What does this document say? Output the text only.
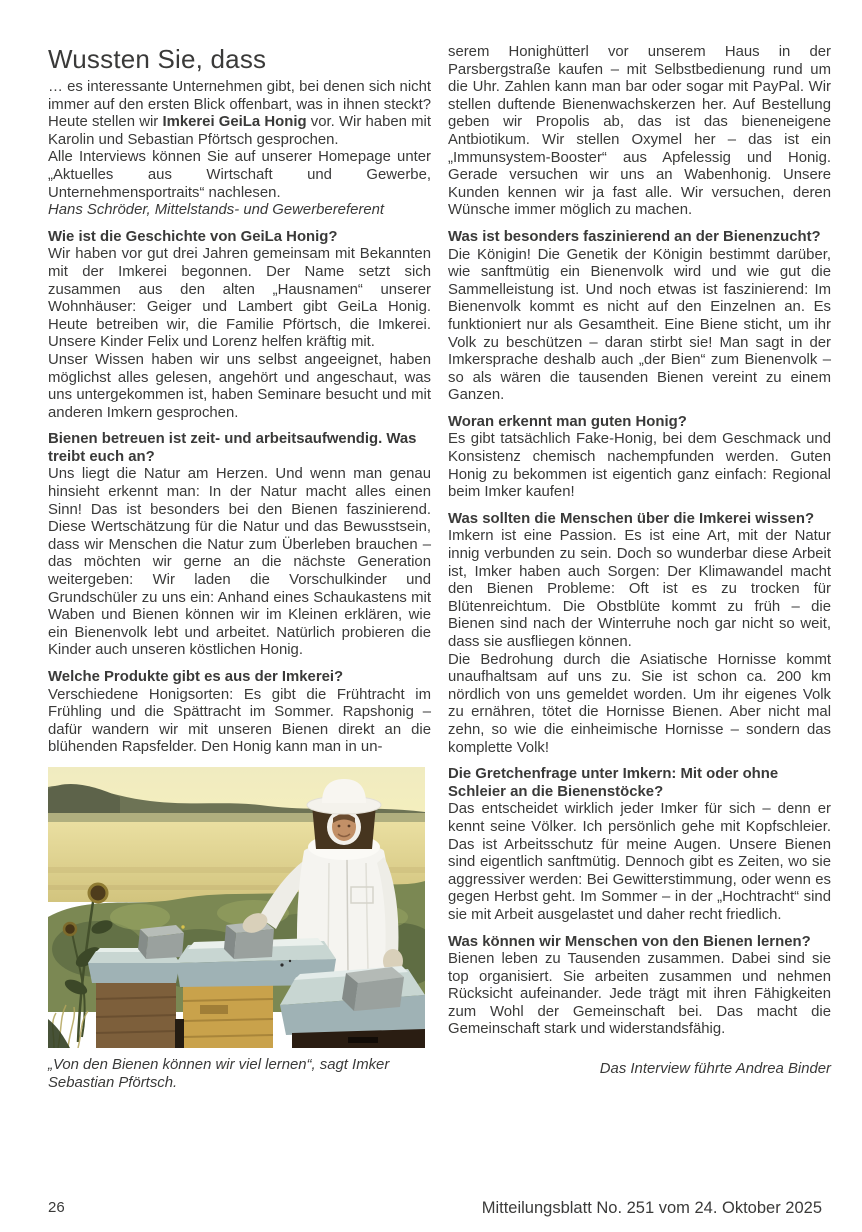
Wussten Sie, dass

… es interessante Unternehmen gibt, bei denen sich nicht immer auf den ersten Blick offenbart, was in ihnen steckt? Heute stellen wir Imkerei GeiLa Honig vor. Wir haben mit Karolin und Sebastian Pförtsch gesprochen.

Alle Interviews können Sie auf unserer Homepage unter „Aktuelles aus Wirtschaft und Gewerbe, Unternehmensportraits“ nachlesen.

Hans Schröder, Mittelstands- und Gewerbereferent

Wie ist die Geschichte von GeiLa Honig?

Wir haben vor gut drei Jahren gemeinsam mit Bekannten mit der Imkerei begonnen. Der Name setzt sich zusammen aus den alten „Hausnamen“ unserer Wohnhäuser: Geiger und Lambert gibt GeiLa Honig. Heute betreiben wir, die Familie Pförtsch, die Imkerei. Unsere Kinder Felix und Lorenz helfen kräftig mit.

Unser Wissen haben wir uns selbst angeeignet, haben möglichst alles gelesen, angehört und angeschaut, was uns untergekommen ist, haben Seminare besucht und mit anderen Imkern gesprochen.

Bienen betreuen ist zeit- und arbeitsaufwendig. Was treibt euch an?

Uns liegt die Natur am Herzen. Und wenn man genau hinsieht erkennt man: In der Natur macht alles einen Sinn! Das ist besonders bei den Bienen faszinierend. Diese Wertschätzung für die Natur und das Bewusstsein, dass wir Menschen die Natur zum Überleben brauchen – das möchten wir gerne an die nächste Generation weitergeben: Wir laden die Vorschulkinder und Grundschüler zu uns ein: Anhand eines Schaukastens mit Waben und Bienen können wir im Kleinen erklären, wie ein Bienenvolk lebt und arbeitet. Natürlich probieren die Kinder auch unseren köstlichen Honig.

Welche Produkte gibt es aus der Imkerei?

Verschiedene Honigsorten: Es gibt die Frühtracht im Frühling und die Spättracht im Sommer. Rapshonig – dafür wandern wir mit unseren Bienen direkt an die blühenden Rapsfelder. Den Honig kann man in un-

„Von den Bienen können wir viel lernen“, sagt Imker Sebastian Pförtsch.

serem Honighütterl vor unserem Haus in der Parsbergstraße kaufen – mit Selbstbedienung rund um die Uhr. Zahlen kann man bar oder sogar mit PayPal. Wir stellen duftende Bienenwachskerzen her. Auf Bestellung geben wir Propolis ab, das ist das bieneneigene Antbiotikum. Wir stellen Oxymel her – das ist ein „Immunsystem-Booster“ aus Apfelessig und Honig. Gerade versuchen wir uns an Wabenhonig. Unsere Kunden kennen wir ja fast alle. Wir versuchen, deren Wünsche immer möglich zu machen.

Was ist besonders faszinierend an der Bienenzucht?

Die Königin! Die Genetik der Königin bestimmt darüber, wie sanftmütig ein Bienenvolk wird und wie gut die Sammelleistung ist. Und noch etwas ist faszinierend: Im Bienenvolk kommt es nicht auf den Einzelnen an. Es funktioniert nur als Gesamtheit. Eine Biene sticht, um ihr Volk zu beschützen – daran stirbt sie! Man sagt in der Imkersprache deshalb auch „der Bien“ zum Bienenvolk – so als wären die tausenden Bienen vereint zu einem Ganzen.

Woran erkennt man guten Honig?

Es gibt tatsächlich Fake-Honig, bei dem Geschmack und Konsistenz chemisch nachempfunden werden. Guten Honig zu bekommen ist eigentich ganz einfach: Regional beim Imker kaufen!

Was sollten die Menschen über die Imkerei wissen?

Imkern ist eine Passion. Es ist eine Art, mit der Natur innig verbunden zu sein. Doch so wunderbar diese Arbeit ist, Imker haben auch Sorgen: Der Klimawandel macht den Bienen Probleme: Oft ist es zu trocken für Blütenreichtum. Die Obstblüte kommt zu früh – die Bienen sind nach der Winterruhe noch gar nicht so weit, dass sie ausfliegen können.

Die Bedrohung durch die Asiatische Hornisse kommt unaufhaltsam auf uns zu. Sie ist schon ca. 200 km nördlich von uns gemeldet worden. Um ihr eigenes Volk zu ernähren, tötet die Hornisse Bienen. Aber nicht mal zehn, so wie die einheimische Hornisse – sondern das komplette Volk!

Die Gretchenfrage unter Imkern: Mit oder ohne Schleier an die Bienenstöcke?

Das entscheidet wirklich jeder Imker für sich – denn er kennt seine Völker. Ich persönlich gehe mit Kopfschleier. Das ist Arbeitsschutz für meine Augen. Unsere Bienen sind eigentlich sanftmütig. Dennoch gibt es Zeiten, wo sie aggressiver werden: Bei Gewitterstimmung, oder wenn es gegen Herbst geht. Im Sommer – in der „Hochtracht“ sind sie mit Arbeit ausgelastet und daher recht friedlich.

Was können wir Menschen von den Bienen lernen?

Bienen leben zu Tausenden zusammen. Dabei sind sie top organisiert. Sie arbeiten zusammen und nehmen Rücksicht aufeinander. Jede trägt mit ihren Fähigkeiten zum Wohl der Gemeinschaft bei. Das macht die Gemeinschaft stark und widerstandsfähig.

Das Interview führte Andrea Binder

26	Mitteilungsblatt No. 251 vom 24. Oktober 2025
